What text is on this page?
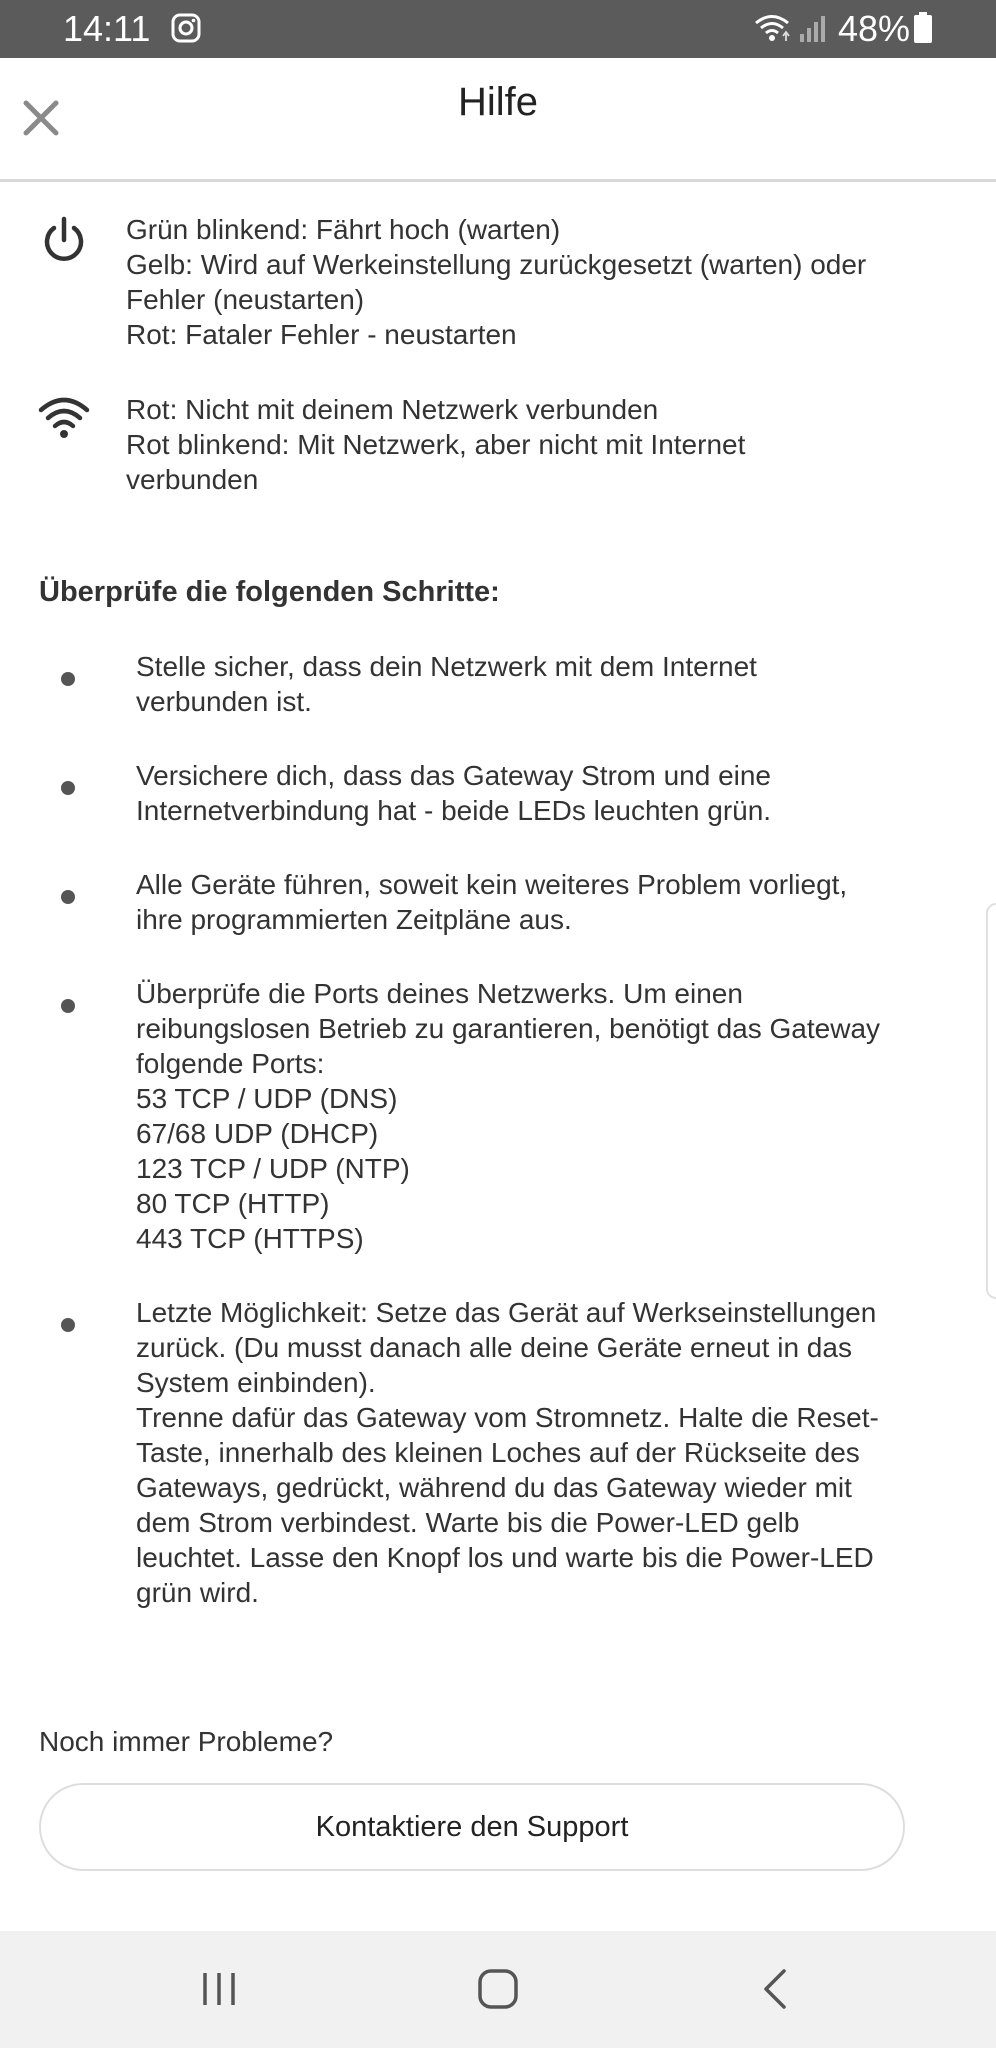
14:11	48%
Hilfe
Grün blinkend: Fährt hoch (warten)
Gelb: Wird auf Werkeinstellung zurückgesetzt (warten) oder
Fehler (neustarten)
Rot: Fataler Fehler - neustarten
Rot: Nicht mit deinem Netzwerk verbunden
Rot blinkend: Mit Netzwerk, aber nicht mit Internet
verbunden
Überprüfe die folgenden Schritte:
Stelle sicher, dass dein Netzwerk mit dem Internet
verbunden ist.
Versichere dich, dass das Gateway Strom und eine
Internetverbindung hat - beide LEDs leuchten grün.
Alle Geräte führen, soweit kein weiteres Problem vorliegt,
ihre programmierten Zeitpläne aus.
Überprüfe die Ports deines Netzwerks. Um einen
reibungslosen Betrieb zu garantieren, benötigt das Gateway
folgende Ports:
53 TCP / UDP (DNS)
67/68 UDP (DHCP)
123 TCP / UDP (NTP)
80 TCP (HTTP)
443 TCP (HTTPS)
Letzte Möglichkeit: Setze das Gerät auf Werkseinstellungen
zurück. (Du musst danach alle deine Geräte erneut in das
System einbinden).
Trenne dafür das Gateway vom Stromnetz. Halte die Reset-
Taste, innerhalb des kleinen Loches auf der Rückseite des
Gateways, gedrückt, während du das Gateway wieder mit
dem Strom verbindest. Warte bis die Power-LED gelb
leuchtet. Lasse den Knopf los und warte bis die Power-LED
grün wird.
Noch immer Probleme?
Kontaktiere den Support
